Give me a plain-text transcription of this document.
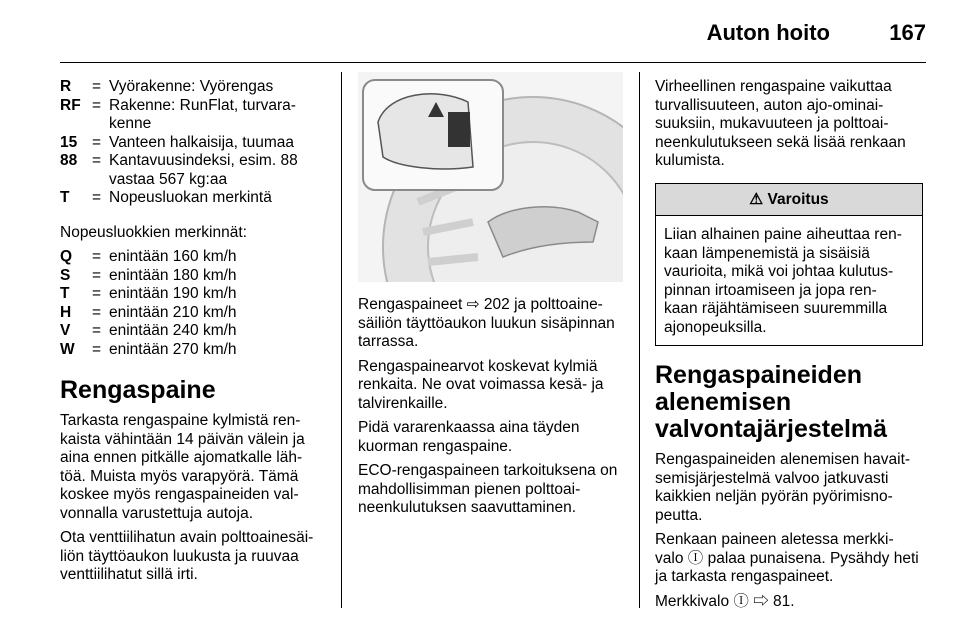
Auton hoito	167
R	= Vyörakenne: Vyörengas
RF = Rakenne: RunFlat, turvara- kenne
15 = Vanteen halkaisija, tuumaa
88 = Kantavuusindeksi, esim. 88 vastaa 567 kg:aa
T	= Nopeusluokan merkintä

Nopeusluokkien merkinnät:

Q	= enintään 160 km/h
S	= enintään 180 km/h
T	= enintään 190 km/h
H	= enintään 210 km/h
V	= enintään 240 km/h
W	= enintään 270 km/h
Rengaspaine

Tarkasta rengaspaine kylmistä ren- kaista vähintään 14 päivän välein ja aina ennen pitkälle ajomatkalle läh- töä. Muista myös varapyörä. Tämä koskee myös rengaspaineiden val- vonnalla varustettuja autoja.

Ota venttiilihatun avain polttoainesäi- liön täyttöaukon luukusta ja ruuvaa venttiilihatut sillä irti.

Rengaspaineet ⇨ 202 ja polttoaine- säiliön täyttöaukon luukun sisäpinnan tarrassa.

Rengaspainearvot koskevat kylmiä renkaita. Ne ovat voimassa kesä- ja talvirenkaille.

Pidä vararenkaassa aina täyden kuorman rengaspaine.

ECO-rengaspaineen tarkoituksena on mahdollisimman pienen polttoai- neenkulutuksen saavuttaminen.

Virheellinen rengaspaine vaikuttaa turvallisuuteen, auton ajo-ominai- suuksiin, mukavuuteen ja polttoai- neenkulutukseen sekä lisää renkaan kulumista.

⚠ Varoitus
Liian alhainen paine aiheuttaa ren- kaan lämpenemistä ja sisäisiä vaurioita, mikä voi johtaa kulutus- pinnan irtoamiseen ja jopa ren- kaan räjähtämiseen suuremmilla ajonopeuksilla.
Rengaspaineiden alenemisen valvontajärjestelmä

Rengaspaineiden alenemisen havait- semisjärjestelmä valvoo jatkuvasti kaikkien neljän pyörän pyörimisno- peutta.

Renkaan paineen aletessa merkki- valo Ⓘ palaa punaisena. Pysähdy heti ja tarkasta rengaspaineet.

Merkkivalo Ⓘ ⇨ 81.
